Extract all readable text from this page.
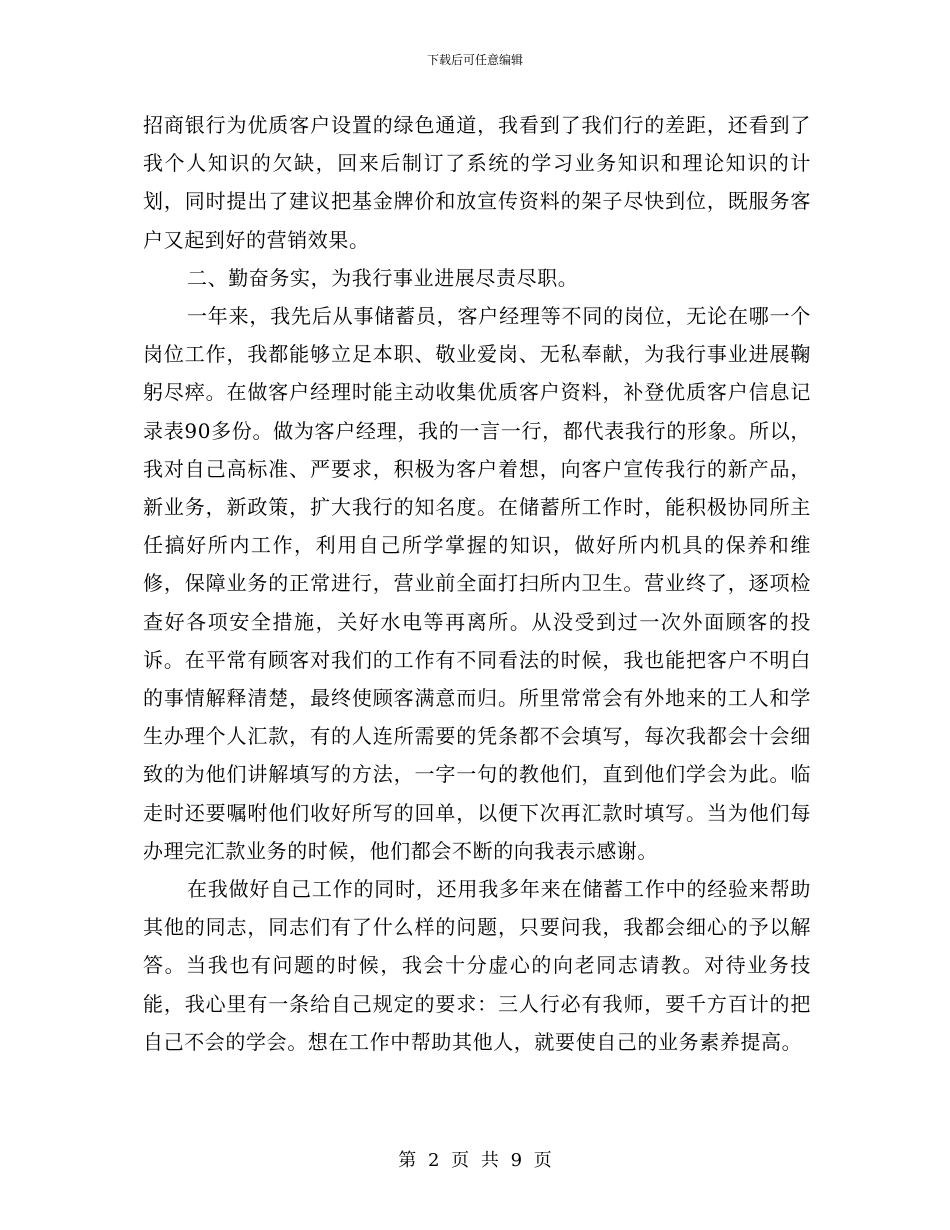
下载后可任意编辑

招商银行为优质客户设置的绿色通道，我看到了我们行的差距，还看到了我个人知识的欠缺，回来后制订了系统的学习业务知识和理论知识的计划，同时提出了建议把基金牌价和放宣传资料的架子尽快到位，既服务客户又起到好的营销效果。

二、勤奋务实，为我行事业进展尽责尽职。

一年来，我先后从事储蓄员，客户经理等不同的岗位，无论在哪一个岗位工作，我都能够立足本职、敬业爱岗、无私奉献，为我行事业进展鞠躬尽瘁。在做客户经理时能主动收集优质客户资料，补登优质客户信息记录表90多份。做为客户经理，我的一言一行，都代表我行的形象。所以，我对自己高标准、严要求，积极为客户着想，向客户宣传我行的新产品，新业务，新政策，扩大我行的知名度。在储蓄所工作时，能积极协同所主任搞好所内工作，利用自己所学掌握的知识，做好所内机具的保养和维修，保障业务的正常进行，营业前全面打扫所内卫生。营业终了，逐项检查好各项安全措施，关好水电等再离所。从没受到过一次外面顾客的投诉。在平常有顾客对我们的工作有不同看法的时候，我也能把客户不明白的事情解释清楚，最终使顾客满意而归。所里常常会有外地来的工人和学生办理个人汇款，有的人连所需要的凭条都不会填写，每次我都会十会细致的为他们讲解填写的方法，一字一句的教他们，直到他们学会为此。临走时还要嘱咐他们收好所写的回单，以便下次再汇款时填写。当为他们每办理完汇款业务的时候，他们都会不断的向我表示感谢。

在我做好自己工作的同时，还用我多年来在储蓄工作中的经验来帮助其他的同志，同志们有了什么样的问题，只要问我，我都会细心的予以解答。当我也有问题的时候，我会十分虚心的向老同志请教。对待业务技能，我心里有一条给自己规定的要求：三人行必有我师，要千方百计的把自己不会的学会。想在工作中帮助其他人，就要使自己的业务素养提高。

第 2 页 共 9 页
